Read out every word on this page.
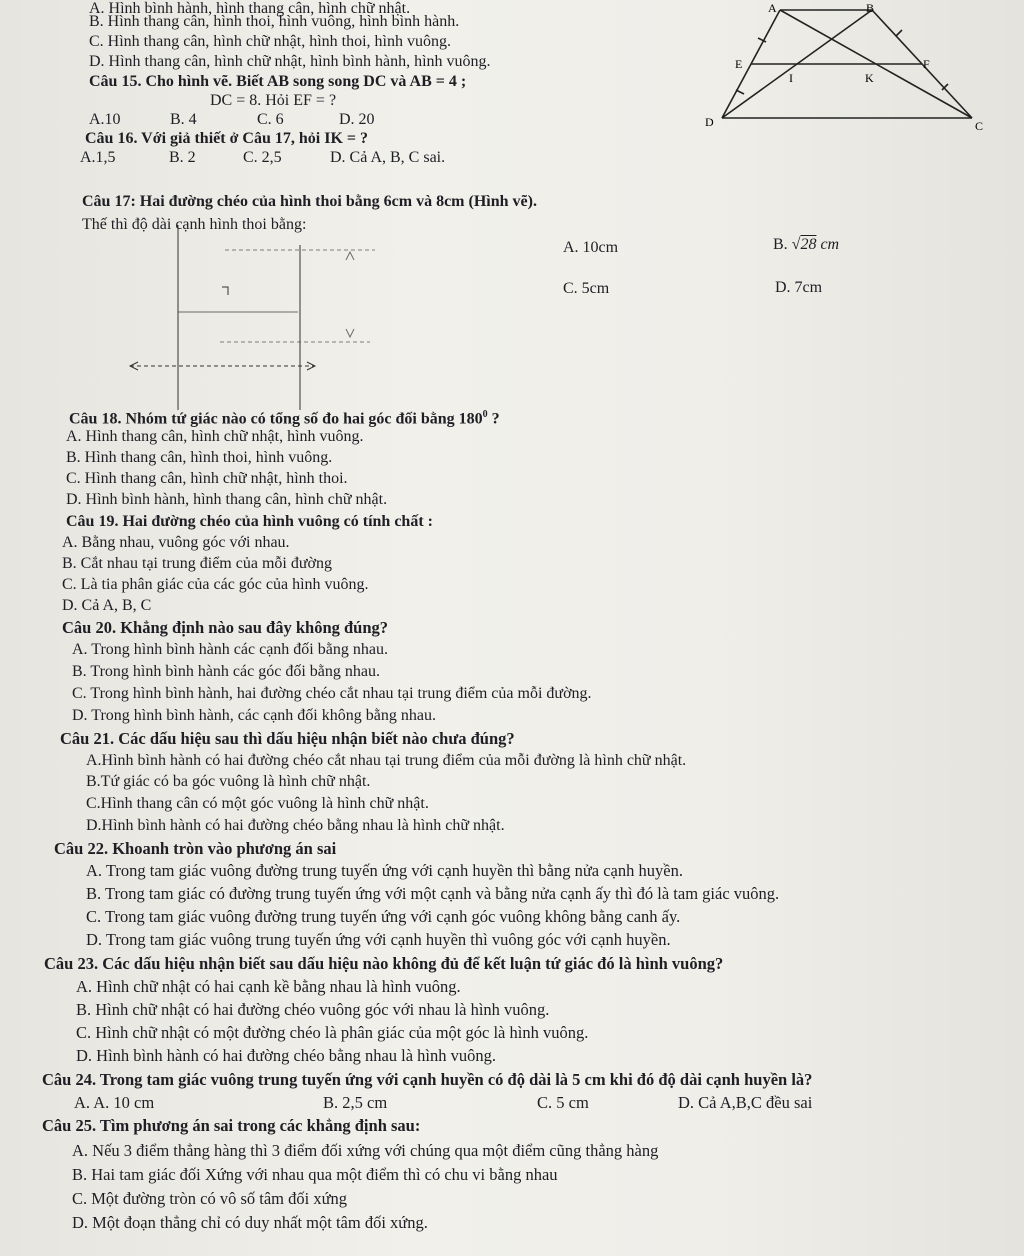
A. Hình bình hành, hình thang cân, hình chữ nhật.
B. Hình thang cân, hình thoi, hình vuông, hình bình hành.
C. Hình thang cân, hình chữ nhật, hình thoi, hình vuông.
D. Hình thang cân, hình chữ nhật, hình bình hành, hình vuông.
Câu 15. Cho hình vẽ. Biết AB song song DC và AB = 4 ;
DC = 8. Hỏi EF = ?
A.10	B. 4	C. 6	D. 20
Câu 16. Với giả thiết ở Câu 17, hỏi IK = ?
A.1,5	B. 2	C. 2,5	D. Cả A, B, C sai.
A	B
E	F
I	K
D	C
Câu 17: Hai đường chéo của hình thoi bằng 6cm và 8cm (Hình vẽ).
Thế thì độ dài cạnh hình thoi bằng:
A. 10cm	B. √28 cm
C. 5cm	D. 7cm
Câu 18. Nhóm tứ giác nào có tổng số đo hai góc đối bằng $180^0$ ?
A. Hình thang cân, hình chữ nhật, hình vuông.
B. Hình thang cân, hình thoi, hình vuông.
C. Hình thang cân, hình chữ nhật, hình thoi.
D. Hình bình hành, hình thang cân, hình chữ nhật.
Câu 19. Hai đường chéo của hình vuông có tính chất :
A. Bằng nhau, vuông góc với nhau.
B. Cắt nhau tại trung điểm của mỗi đường
C. Là tia phân giác của các góc của hình vuông.
D. Cả A, B, C
Câu 20. Khẳng định nào sau đây không đúng?
A. Trong hình bình hành các cạnh đối bằng nhau.
B. Trong hình bình hành các góc đối bằng nhau.
C. Trong hình bình hành, hai đường chéo cắt nhau tại trung điểm của mỗi đường.
D. Trong hình bình hành, các cạnh đối không bằng nhau.
Câu 21. Các dấu hiệu sau thì dấu hiệu nhận biết nào chưa đúng?
A.Hình bình hành có hai đường chéo cắt nhau tại trung điểm của mỗi đường là hình chữ nhật.
B.Tứ giác có ba góc vuông là hình chữ nhật.
C.Hình thang cân có một góc vuông là hình chữ nhật.
D.Hình bình hành có hai đường chéo bằng nhau là hình chữ nhật.
Câu 22. Khoanh tròn vào phương án sai
A. Trong tam giác vuông đường trung tuyến ứng với cạnh huyền thì bằng nửa cạnh huyền.
B. Trong tam giác có đường trung tuyến ứng với một cạnh và bằng nửa cạnh ấy thì đó là tam giác vuông.
C. Trong tam giác vuông đường trung tuyến ứng với cạnh góc vuông không bằng canh ấy.
D. Trong tam giác vuông trung tuyến ứng với cạnh huyền thì vuông góc với cạnh huyền.
Câu 23. Các dấu hiệu nhận biết sau dấu hiệu nào không đủ để kết luận tứ giác đó là hình vuông?
A. Hình chữ nhật có hai cạnh kề bằng nhau là hình vuông.
B. Hình chữ nhật có hai đường chéo vuông góc với nhau là hình vuông.
C. Hình chữ nhật có một đường chéo là phân giác của một góc là hình vuông.
D. Hình bình hành có hai đường chéo bằng nhau là hình vuông.
Câu 24. Trong tam giác vuông trung tuyến ứng với cạnh huyền có độ dài là 5 cm khi đó độ dài cạnh huyền là?
A. A. 10 cm	B. 2,5 cm	C. 5 cm	D. Cả A,B,C đều sai
Câu 25. Tìm phương án sai trong các khẳng định sau:
A. Nếu 3 điểm thẳng hàng thì 3 điểm đối xứng với chúng qua một điểm cũng thẳng hàng
B. Hai tam giác đối Xứng với nhau qua một điểm thì có chu vi bằng nhau
C. Một đường tròn có vô số tâm đối xứng
D. Một đoạn thẳng chỉ có duy nhất một tâm đối xứng.
